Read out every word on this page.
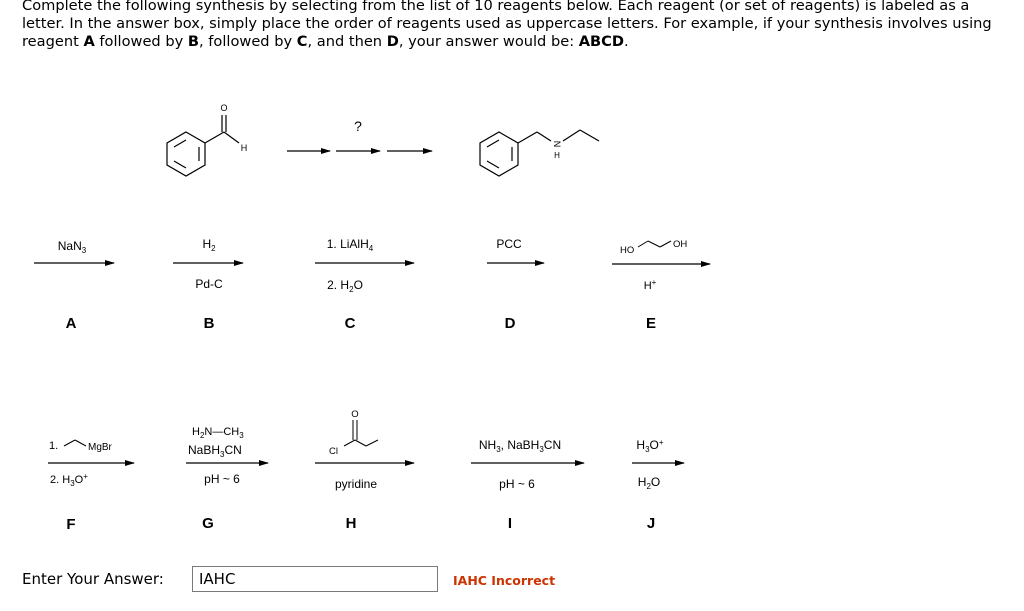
Complete the following synthesis by selecting from the list of 10 reagents below. Each reagent (or set of reagents) is labeled as a letter. In the answer box, simply place the order of reagents used as uppercase letters. For example, if your synthesis involves using reagent A followed by B, followed by C, and then D, your answer would be: ABCD.
O
H
?
N
H
NaN$_3$
A
$H_2$
Pd-C
B
1. LiAlH$_4$
2. $H_2O$
C
PCC
D
HO
OH
H+
E
1.	MgBr
2. $H_3O^+$
F
$H_2N—CH_3$
NaBH$_3$CN
pH ~ 6
G
O
Cl
pyridine
H
$NH_3$, NaBH$_3$CN
pH ~ 6
I
$H_3O^+$
$H_2O$
J
Enter Your Answer:
IAHC	IAHC Incorrect
